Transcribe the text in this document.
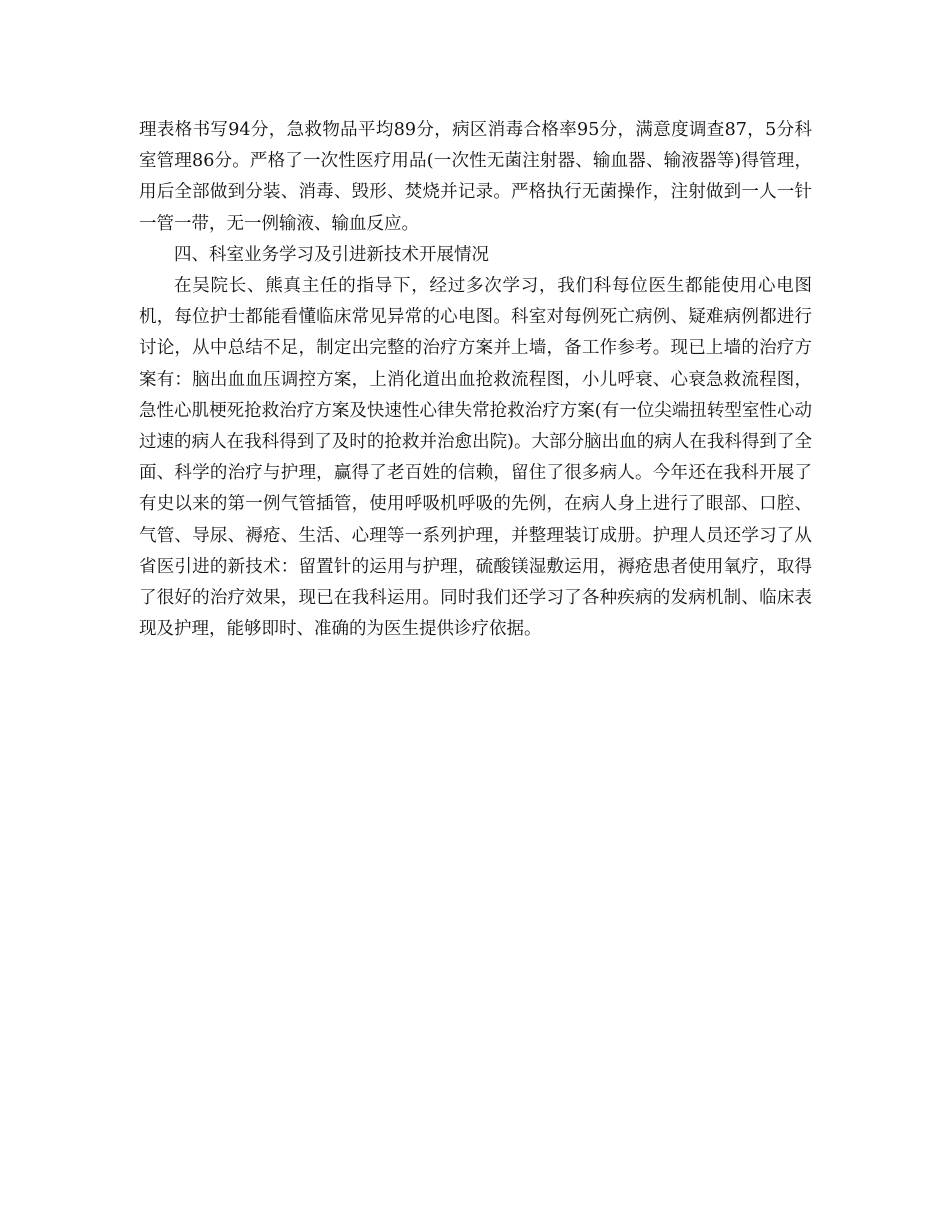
理表格书写94分，急救物品平均89分，病区消毒合格率95分，满意度调查87，5分科室管理86分。严格了一次性医疗用品(一次性无菌注射器、输血器、输液器等)得管理，用后全部做到分装、消毒、毁形、焚烧并记录。严格执行无菌操作，注射做到一人一针一管一带，无一例输液、输血反应。

四、科室业务学习及引进新技术开展情况

在吴院长、熊真主任的指导下，经过多次学习，我们科每位医生都能使用心电图机，每位护士都能看懂临床常见异常的心电图。科室对每例死亡病例、疑难病例都进行讨论，从中总结不足，制定出完整的治疗方案并上墙，备工作参考。现已上墙的治疗方案有：脑出血血压调控方案，上消化道出血抢救流程图，小儿呼衰、心衰急救流程图，急性心肌梗死抢救治疗方案及快速性心律失常抢救治疗方案(有一位尖端扭转型室性心动过速的病人在我科得到了及时的抢救并治愈出院)。大部分脑出血的病人在我科得到了全面、科学的治疗与护理，赢得了老百姓的信赖，留住了很多病人。今年还在我科开展了有史以来的第一例气管插管，使用呼吸机呼吸的先例，在病人身上进行了眼部、口腔、气管、导尿、褥疮、生活、心理等一系列护理，并整理装订成册。护理人员还学习了从省医引进的新技术：留置针的运用与护理，硫酸镁湿敷运用，褥疮患者使用氧疗，取得了很好的治疗效果，现已在我科运用。同时我们还学习了各种疾病的发病机制、临床表现及护理，能够即时、准确的为医生提供诊疗依据。
